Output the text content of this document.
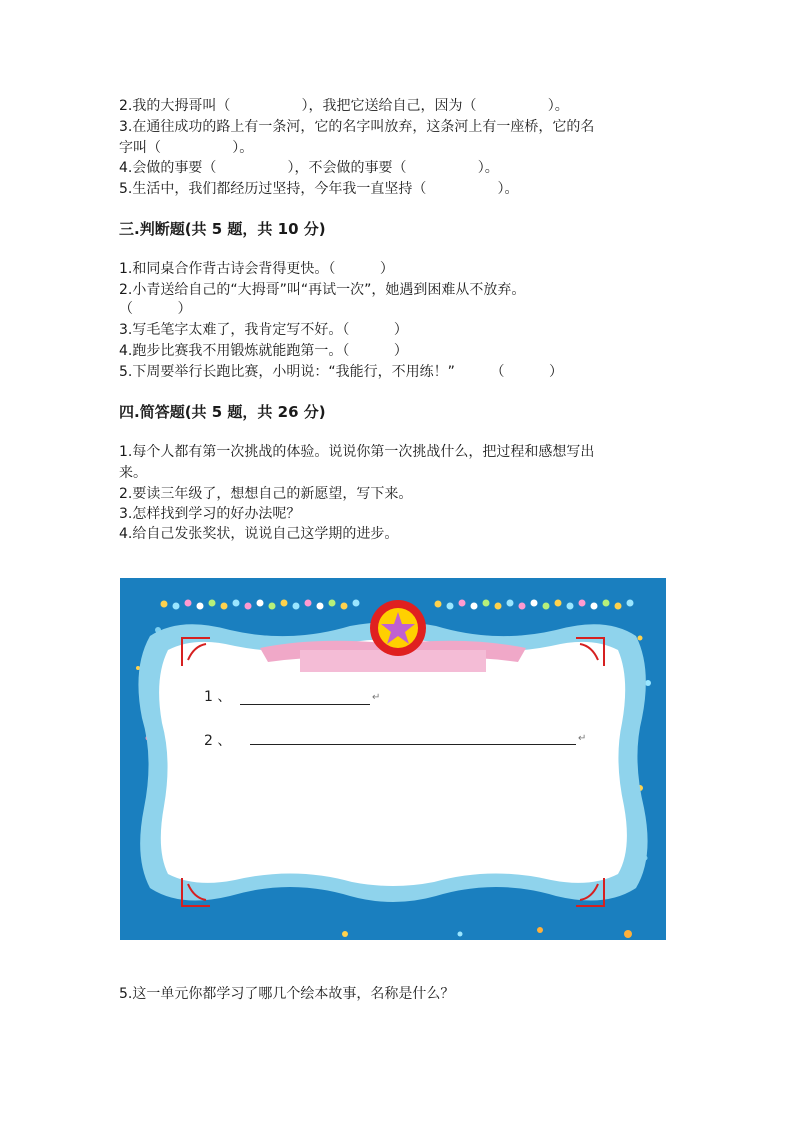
2.我的大拇哥叫（                ），我把它送给自己，因为（                ）。
3.在通往成功的路上有一条河，它的名字叫放弃，这条河上有一座桥，它的名
字叫（                ）。
4.会做的事要（                ），不会做的事要（                ）。
5.生活中，我们都经历过坚持，今年我一直坚持（                ）。
三.判断题(共 5 题，共 10 分)
1.和同桌合作背古诗会背得更快。（          ）
2.小青送给自己的“大拇哥”叫“再试一次”，她遇到困难从不放弃。
（          ）
3.写毛笔字太难了，我肯定写不好。（          ）
4.跑步比赛我不用锻炼就能跑第一。（          ）
5.下周要举行长跑比赛，小明说：“我能行，不用练！”        （          ）
四.简答题(共 5 题，共 26 分)
1.每个人都有第一次挑战的体验。说说你第一次挑战什么，把过程和感想写出
来。
2.要读三年级了，想想自己的新愿望，写下来。
3.怎样找到学习的好办法呢？
4.给自己发张奖状，说说自己这学期的进步。
1 、	↵
2 、	↵
5.这一单元你都学习了哪几个绘本故事，名称是什么？
